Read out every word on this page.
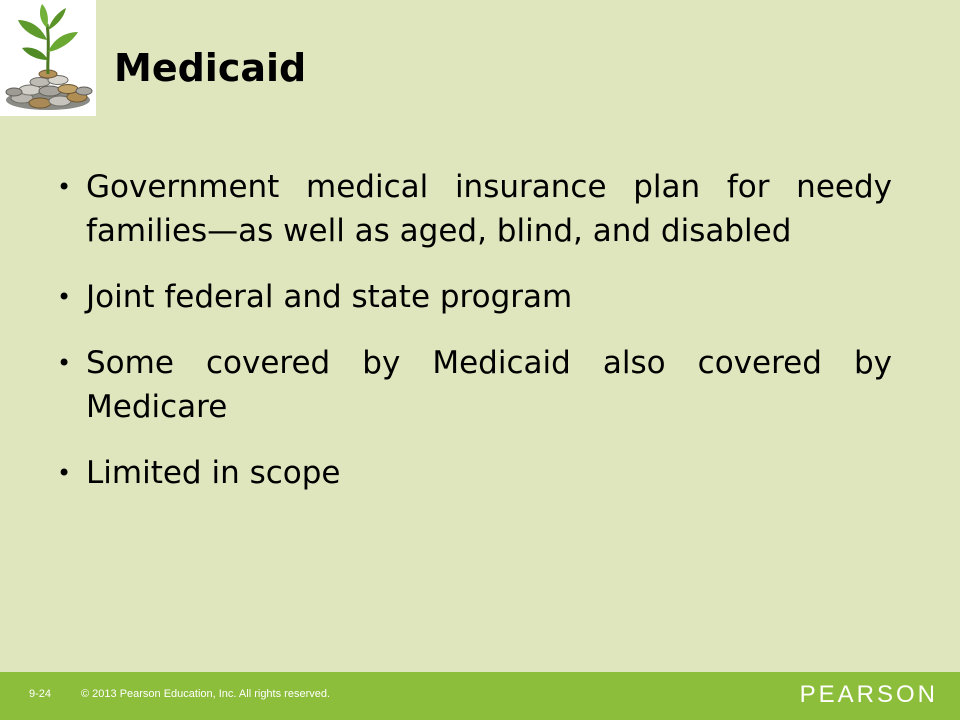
Medicaid
• Government medical insurance plan for needy families—as well as aged, blind, and disabled
• Joint federal and state program
• Some covered by Medicaid also covered by Medicare
• Limited in scope
9-24	© 2013 Pearson Education, Inc. All rights reserved.	PEARSON
